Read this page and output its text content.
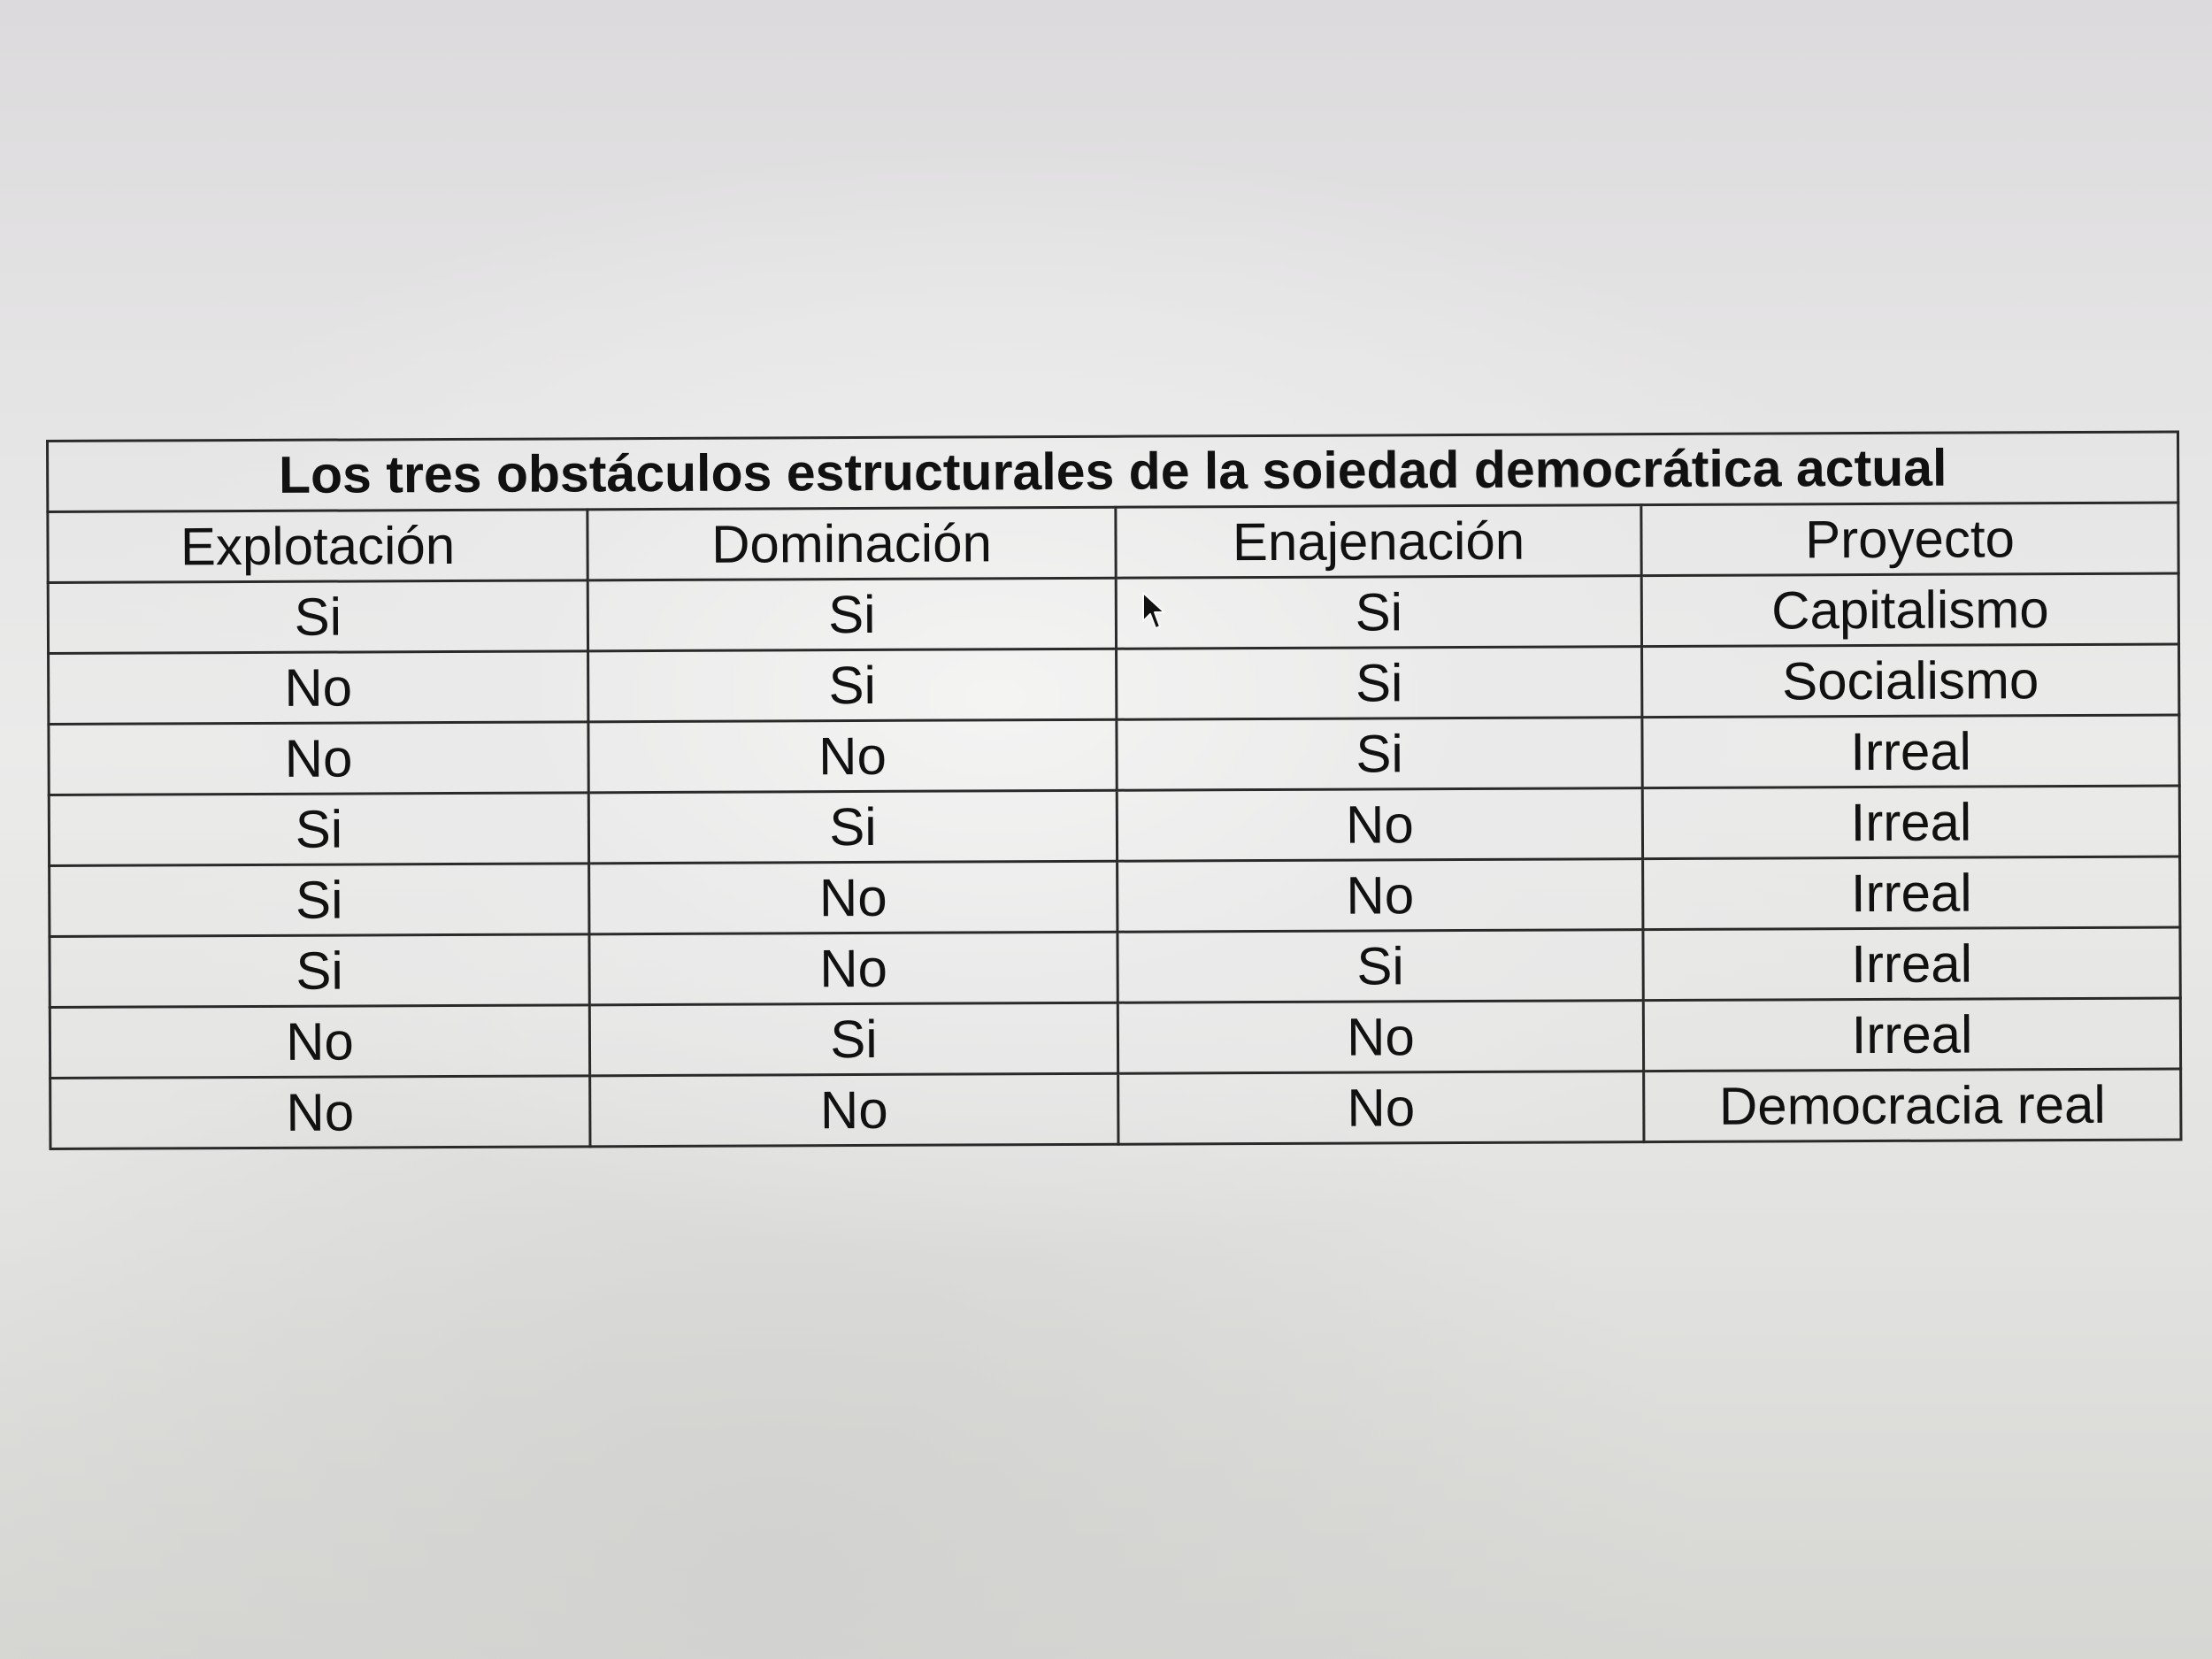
Los tres obstáculos estructurales de la soiedad democrática actual			
Explotación	Dominación	Enajenación	Proyecto
Si	Si	Si	Capitalismo
No	Si	Si	Socialismo
No	No	Si	Irreal
Si	Si	No	Irreal
Si	No	No	Irreal
Si	No	Si	Irreal
No	Si	No	Irreal
No	No	No	Democracia real
